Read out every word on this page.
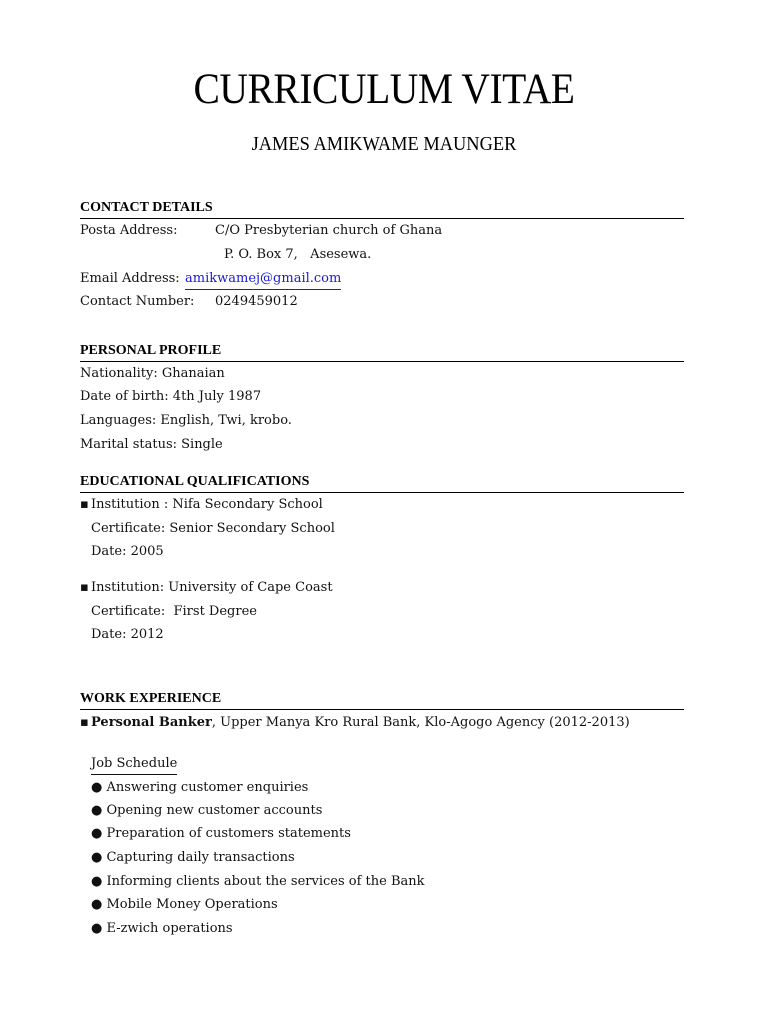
CURRICULUM VITAE
JAMES AMIKWAME MAUNGER
CONTACT DETAILS
Posta Address:	C/O Presbyterian church of Ghana
P. O. Box 7,   Asesewa.
Email Address: amikwamej@gmail.com
Contact Number: 0249459012
PERSONAL PROFILE
Nationality: Ghanaian
Date of birth: 4th July 1987
Languages: English, Twi, krobo.
Marital status: Single
EDUCATIONAL QUALIFICATIONS
▪ Institution : Nifa Secondary School
Certificate: Senior Secondary School
Date: 2005
▪ Institution: University of Cape Coast
Certificate:  First Degree
Date: 2012
WORK EXPERIENCE
▪ Personal Banker, Upper Manya Kro Rural Bank, Klo-Agogo Agency (2012-2013)
Job Schedule
● Answering customer enquiries
● Opening new customer accounts
● Preparation of customers statements
● Capturing daily transactions
● Informing clients about the services of the Bank
● Mobile Money Operations
● E-zwich operations
